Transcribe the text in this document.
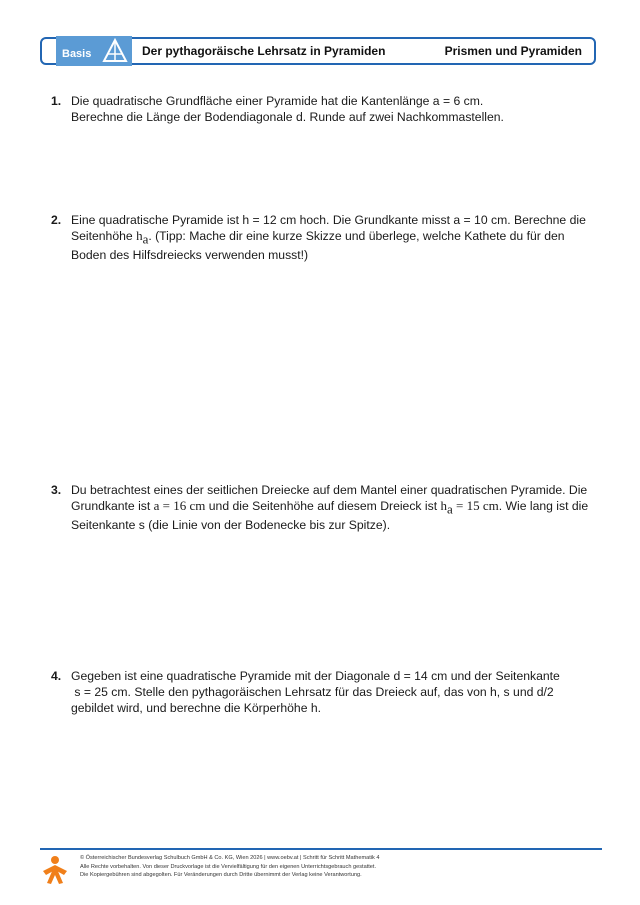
Basis	Der pythagoräische Lehrsatz in Pyramiden	Prismen und Pyramiden
1. Die quadratische Grundfläche einer Pyramide hat die Kantenlänge a = 6 cm.

Berechne die Länge der Bodendiagonale d. Runde auf zwei Nachkommastellen.

2. Eine quadratische Pyramide ist h = 12 cm hoch. Die Grundkante misst a = 10 cm. Berechne die

Seitenhöhe $h_a$. (Tipp: Mache dir eine kurze Skizze und überlege, welche Kathete du für den

Boden des Hilfsdreiecks verwenden musst!)

3. Du betrachtest eines der seitlichen Dreiecke auf dem Mantel einer quadratischen Pyramide. Die

Grundkante ist a = 16 cm und die Seitenhöhe auf diesem Dreieck ist $h_a = 15$ cm. Wie lang ist die

Seitenkante s (die Linie von der Bodenecke bis zur Spitze).

4. Gegeben ist eine quadratische Pyramide mit der Diagonale d = 14 cm und der Seitenkante

s = 25 cm. Stelle den pythagoräischen Lehrsatz für das Dreieck auf, das von h, s und d/2

gebildet wird, und berechne die Körperhöhe h.

© Österreichischer Bundesverlag Schulbuch GmbH & Co. KG, Wien 2026 | www.oebv.at | Schritt für Schritt Mathematik 4
Alle Rechte vorbehalten. Von dieser Druckvorlage ist die Vervielfältigung für den eigenen Unterrichtsgebrauch gestattet.
Die Kopiergebühren sind abgegolten. Für Veränderungen durch Dritte übernimmt der Verlag keine Verantwortung.
